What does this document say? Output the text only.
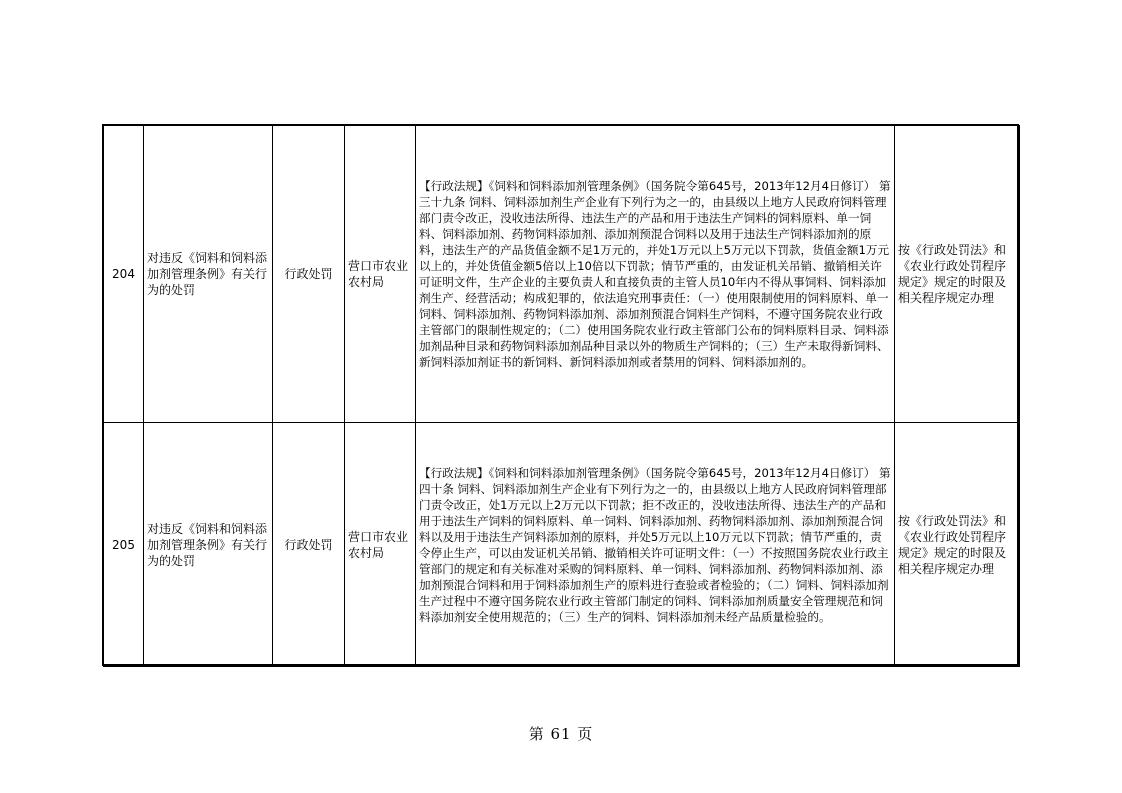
204	对违反《饲料和饲料添加剂管理条例》有关行为的处罚	行政处罚	营口市农业农村局	【行政法规】《饲料和饲料添加剂管理条例》（国务院令第645号，2013年12月4日修订） 第三十九条 饲料、饲料添加剂生产企业有下列行为之一的，由县级以上地方人民政府饲料管理部门责令改正，没收违法所得、违法生产的产品和用于违法生产饲料的饲料原料、单一饲料、饲料添加剂、药物饲料添加剂、添加剂预混合饲料以及用于违法生产饲料添加剂的原料，违法生产的产品货值金额不足1万元的，并处1万元以上5万元以下罚款，货值金额1万元以上的，并处货值金额5倍以上10倍以下罚款；情节严重的，由发证机关吊销、撤销相关许可证明文件，生产企业的主要负责人和直接负责的主管人员10年内不得从事饲料、饲料添加剂生产、经营活动；构成犯罪的，依法追究刑事责任：（一）使用限制使用的饲料原料、单一饲料、饲料添加剂、药物饲料添加剂、添加剂预混合饲料生产饲料，不遵守国务院农业行政主管部门的限制性规定的；（二）使用国务院农业行政主管部门公布的饲料原料目录、饲料添加剂品种目录和药物饲料添加剂品种目录以外的物质生产饲料的；（三）生产未取得新饲料、新饲料添加剂证书的新饲料、新饲料添加剂或者禁用的饲料、饲料添加剂的。	按《行政处罚法》和《农业行政处罚程序规定》规定的时限及相关程序规定办理
205	对违反《饲料和饲料添加剂管理条例》有关行为的处罚	行政处罚	营口市农业农村局	【行政法规】《饲料和饲料添加剂管理条例》（国务院令第645号，2013年12月4日修订） 第四十条 饲料、饲料添加剂生产企业有下列行为之一的，由县级以上地方人民政府饲料管理部门责令改正，处1万元以上2万元以下罚款；拒不改正的，没收违法所得、违法生产的产品和用于违法生产饲料的饲料原料、单一饲料、饲料添加剂、药物饲料添加剂、添加剂预混合饲料以及用于违法生产饲料添加剂的原料，并处5万元以上10万元以下罚款；情节严重的，责令停止生产，可以由发证机关吊销、撤销相关许可证明文件：（一）不按照国务院农业行政主管部门的规定和有关标准对采购的饲料原料、单一饲料、饲料添加剂、药物饲料添加剂、添加剂预混合饲料和用于饲料添加剂生产的原料进行查验或者检验的；（二）饲料、饲料添加剂生产过程中不遵守国务院农业行政主管部门制定的饲料、饲料添加剂质量安全管理规范和饲料添加剂安全使用规范的；（三）生产的饲料、饲料添加剂未经产品质量检验的。	按《行政处罚法》和《农业行政处罚程序规定》规定的时限及相关程序规定办理
第 61 页
